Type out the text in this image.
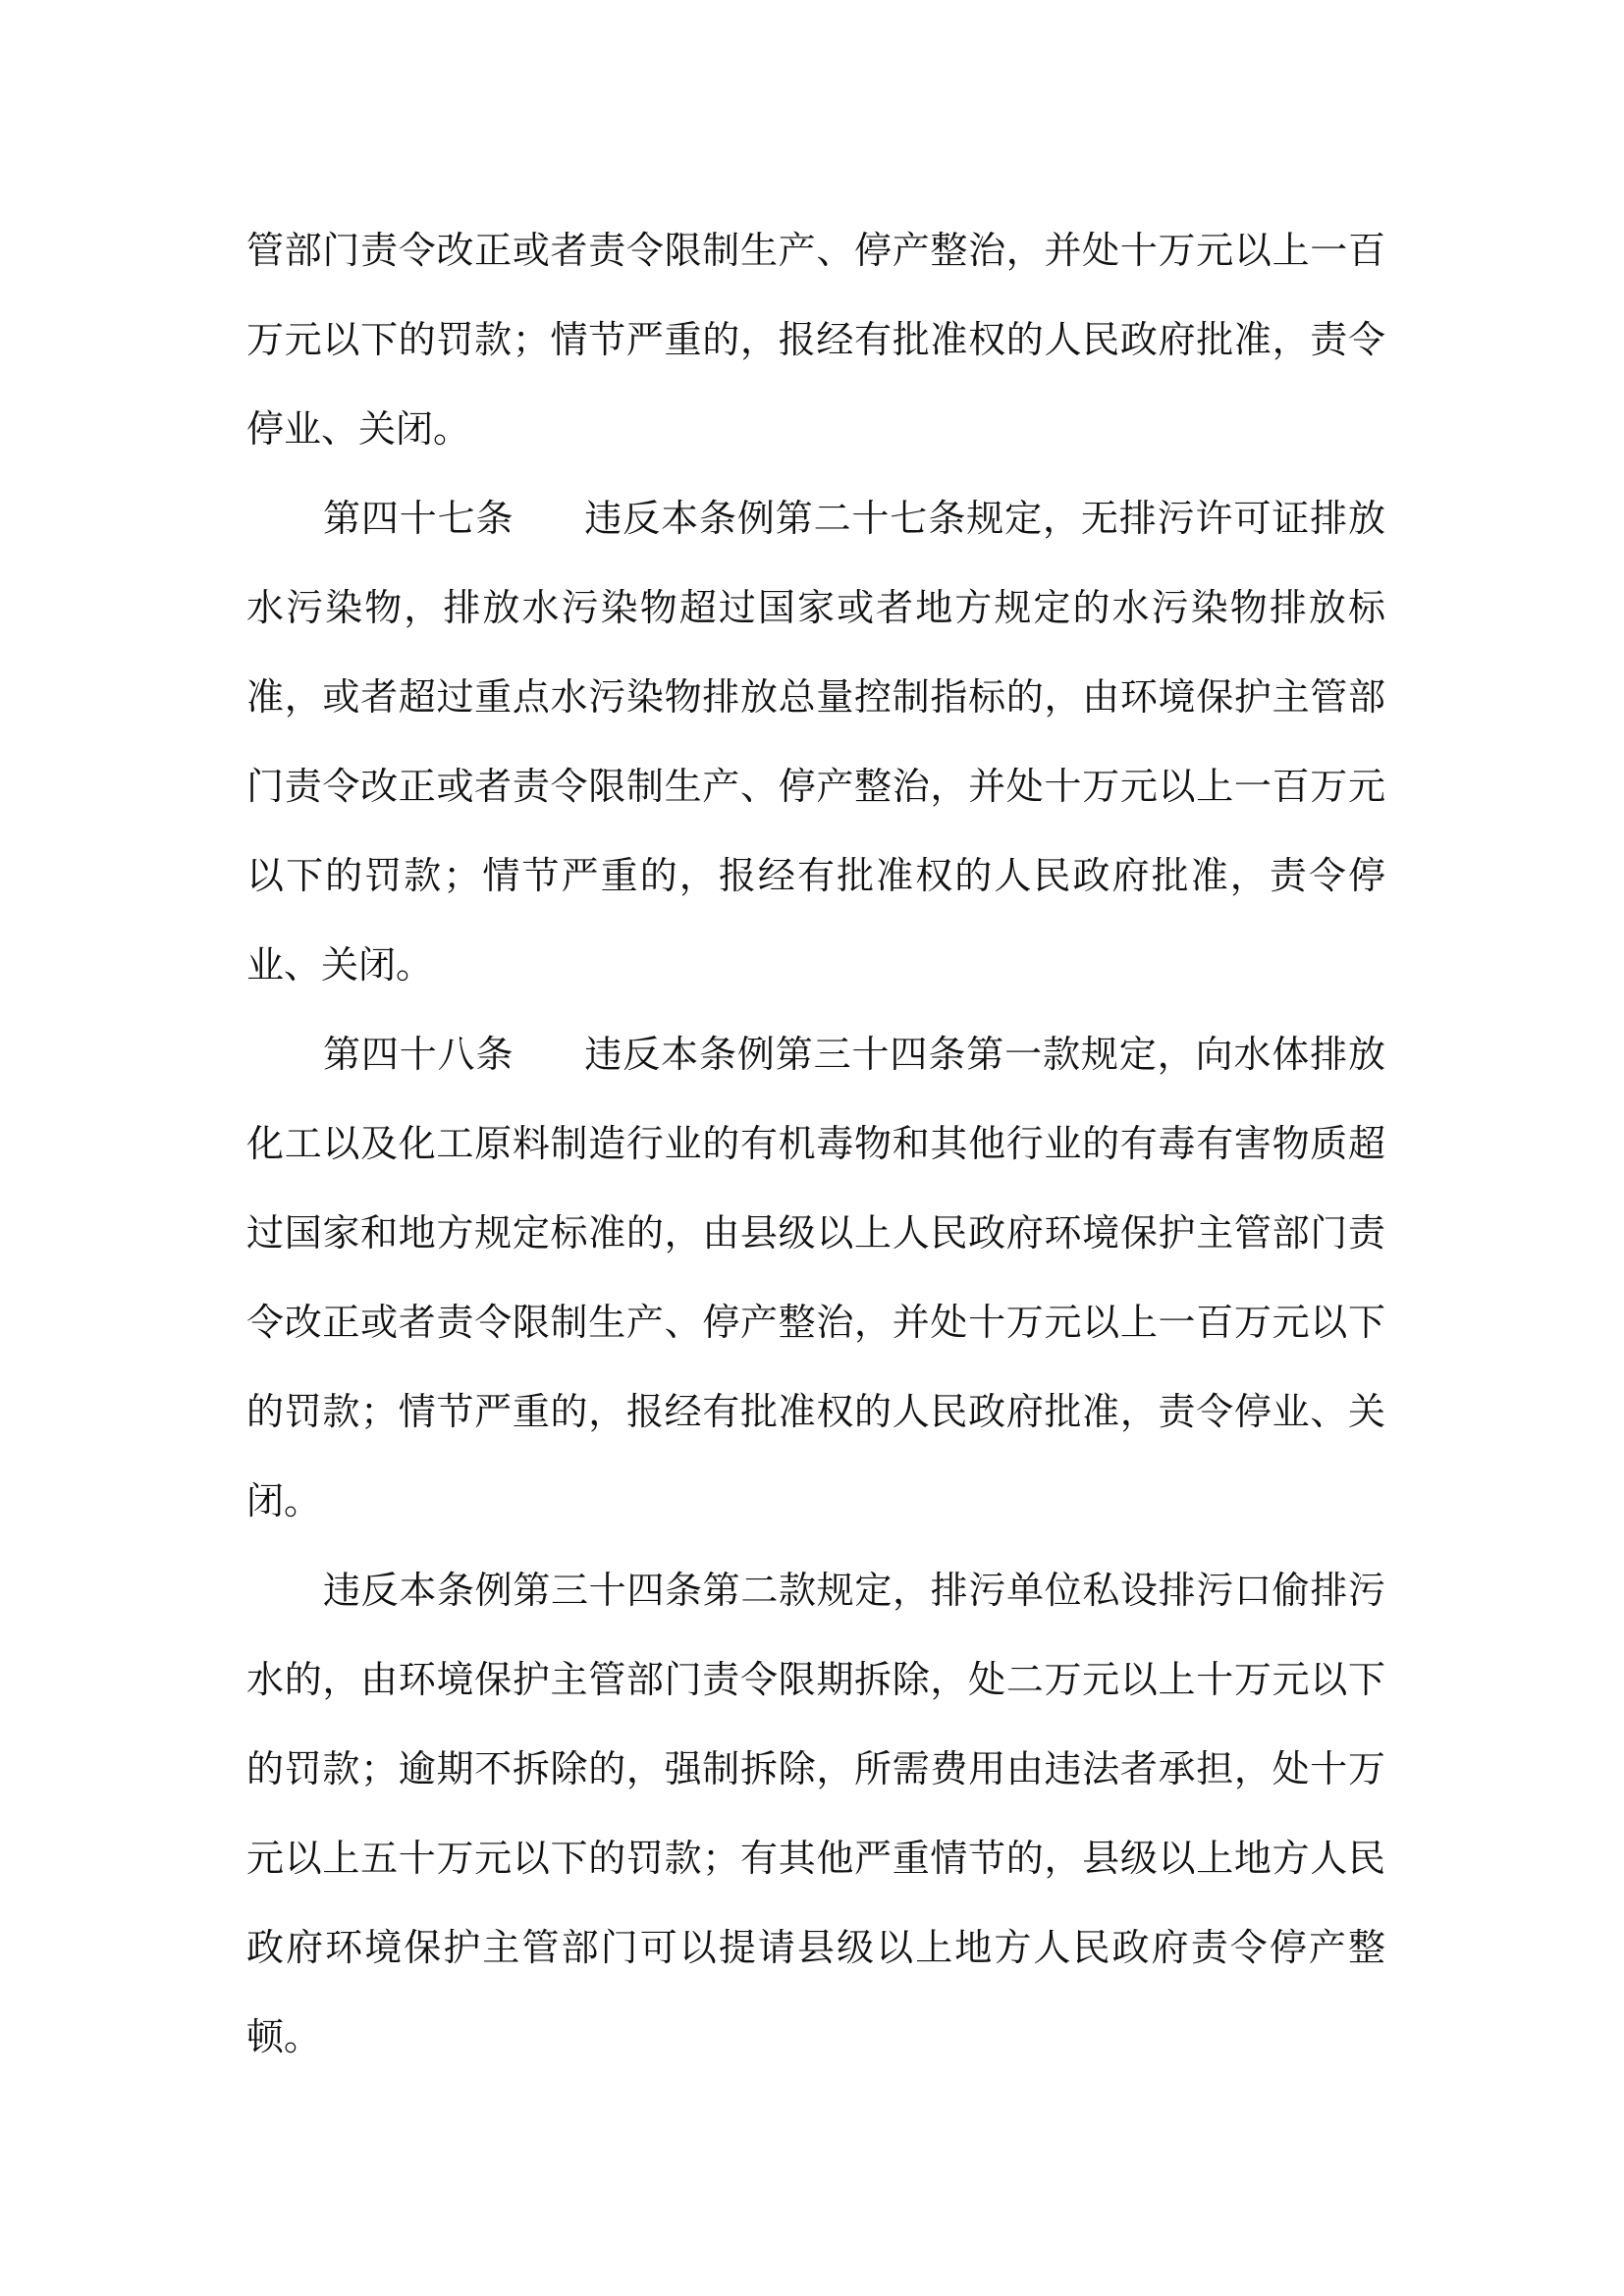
管部门责令改正或者责令限制生产、停产整治，并处十万元以上一百万元以下的罚款；情节严重的，报经有批准权的人民政府批准，责令停业、关闭。

第四十七条 违反本条例第二十七条规定，无排污许可证排放水污染物，排放水污染物超过国家或者地方规定的水污染物排放标准，或者超过重点水污染物排放总量控制指标的，由环境保护主管部门责令改正或者责令限制生产、停产整治，并处十万元以上一百万元以下的罚款；情节严重的，报经有批准权的人民政府批准，责令停业、关闭。

第四十八条 违反本条例第三十四条第一款规定，向水体排放化工以及化工原料制造行业的有机毒物和其他行业的有毒有害物质超过国家和地方规定标准的，由县级以上人民政府环境保护主管部门责令改正或者责令限制生产、停产整治，并处十万元以上一百万元以下的罚款；情节严重的，报经有批准权的人民政府批准，责令停业、关闭。

违反本条例第三十四条第二款规定，排污单位私设排污口偷排污水的，由环境保护主管部门责令限期拆除，处二万元以上十万元以下的罚款；逾期不拆除的，强制拆除，所需费用由违法者承担，处十万元以上五十万元以下的罚款；有其他严重情节的，县级以上地方人民政府环境保护主管部门可以提请县级以上地方人民政府责令停产整顿。
